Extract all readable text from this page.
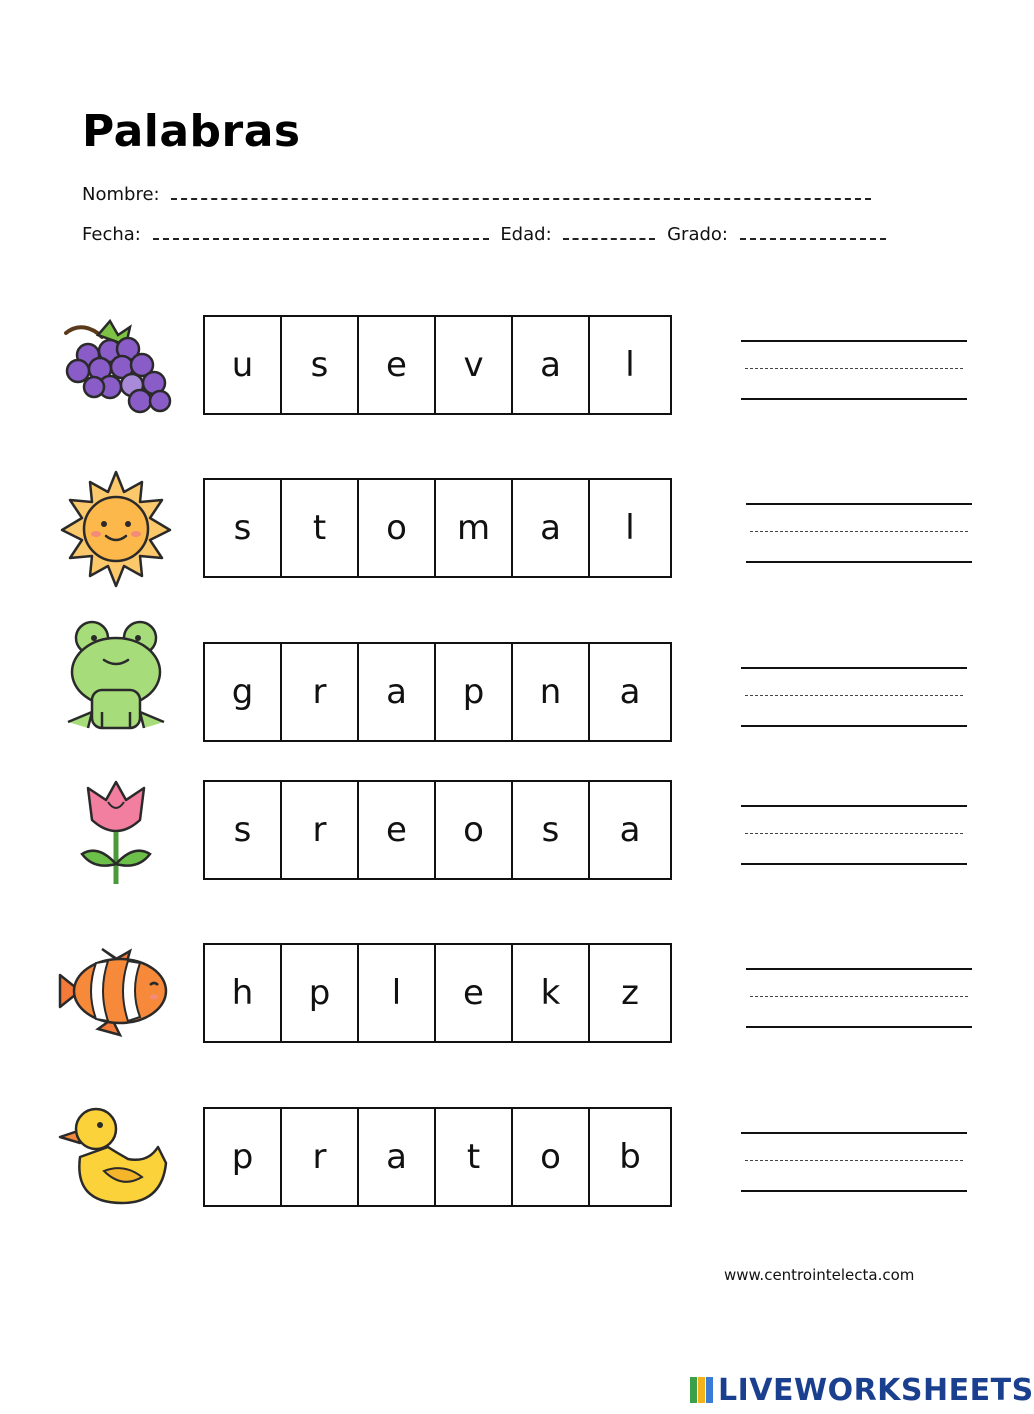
Palabras
Nombre:
Fecha:	Edad:	Grado:
u	s	e	v	a	l
s	t	o	m	a	l
g	r	a	p	n	a
s	r	e	o	s	a
h	p	l	e	k	z
p	r	a	t	o	b
www.centrointelecta.com
LIVEWORKSHEETS
